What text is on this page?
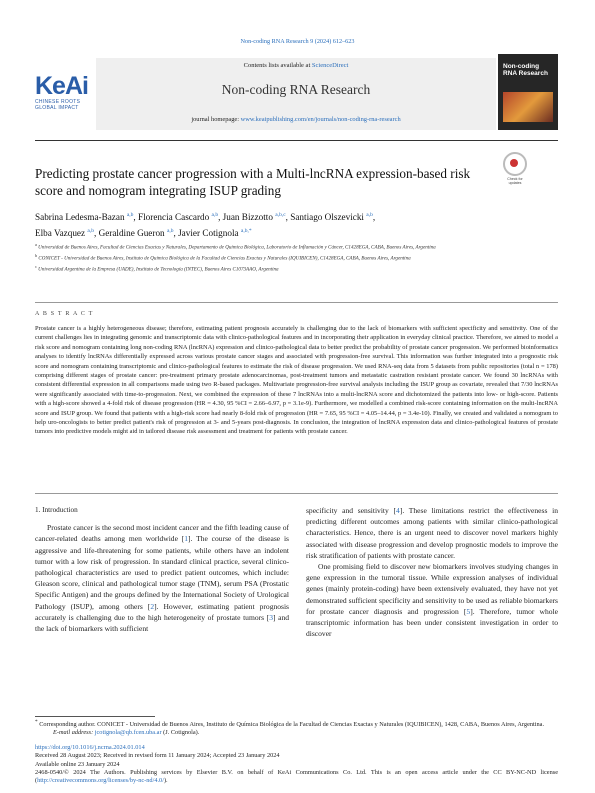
Non-coding RNA Research 9 (2024) 612–623
Contents lists available at ScienceDirect
Non-coding RNA Research
journal homepage: www.keaipublishing.com/en/journals/non-coding-rna-research
KeAi
CHINESE ROOTS
GLOBAL IMPACT
Non-coding
RNA Research
Predicting prostate cancer progression with a Multi-lncRNA expression-based risk score and nomogram integrating ISUP grading
Check for
updates
Sabrina Ledesma-Bazan $^{a,b}$, Florencia Cascardo $^{a,b}$, Juan Bizzotto $^{a,b,c}$, Santiago Olszevicki $^{a,b}$,
Elba Vazquez $^{a,b}$, Geraldine Gueron $^{a,b}$, Javier Cotignola $^{a,b,*}$
$^a$ Universidad de Buenos Aires, Facultad de Ciencias Exactas y Naturales, Departamento de Química Biológica, Laboratorio de Inflamación y Cáncer, C1428EGA, CABA, Buenos Aires, Argentina
$^b$ CONICET - Universidad de Buenos Aires, Instituto de Química Biológica de la Facultad de Ciencias Exactas y Naturales (IQUIBICEN), C1428EGA, CABA, Buenos Aires, Argentina
$^c$ Universidad Argentina de la Empresa (UADE), Instituto de Tecnología (INTEC), Buenos Aires C1073AAO, Argentina
A B S T R A C T
Prostate cancer is a highly heterogeneous disease; therefore, estimating patient prognosis accurately is challenging due to the lack of biomarkers with sufficient specificity and sensitivity. One of the current challenges lies in integrating genomic and transcriptomic data with clinico-pathological features and in incorporating their application in everyday clinical practice. Therefore, we aimed to model a risk score and nomogram containing long non-coding RNA (lncRNA) expression and clinico-pathological data to better predict the probability of prostate cancer progression. We performed bioinformatics analyses to identify lncRNAs differentially expressed across various prostate cancer stages and associated with progression-free survival. This information was further integrated into a prognostic risk score and nomogram containing transcriptomic and clinico-pathological features to estimate the risk of disease progression. We used RNA-seq data from 5 datasets from public repositories (total n = 178) comprising different stages of prostate cancer: pre-treatment primary prostate adenocarcinomas, post-treatment tumors and metastatic castration resistant prostate cancer. We found 30 lncRNAs with consistent differential expression in all comparisons made using two R-based packages. Multivariate progression-free survival analysis including the ISUP group as covariate, revealed that 7/30 lncRNAs were significantly associated with time-to-progression. Next, we combined the expression of these 7 lncRNAs into a multi-lncRNA score and dichotomized the patients into low- or high-score. Patients with a high-score showed a 4-fold risk of disease progression (HR = 4.30, 95 %CI = 2.66–6.97, p = 3.1e-9). Furthermore, we modelled a combined risk-score containing information on the multi-lncRNA score and ISUP group. We found that patients with a high-risk score had nearly 8-fold risk of progression (HR = 7.65, 95 %CI = 4.05–14.44, p = 3.4e-10). Finally, we created and validated a nomogram to help uro-oncologists to better predict patient's risk of progression at 3- and 5-years post-diagnosis. In conclusion, the integration of lncRNA expression data and clinico-pathological features of prostate tumors into predictive models might aid in tailored disease risk assessment and treatment for patients with prostate cancer.
1. Introduction

Prostate cancer is the second most incident cancer and the fifth leading cause of cancer-related deaths among men worldwide [1]. The course of the disease is aggressive and life-threatening for some patients, while others have an indolent tumor with a low risk of progression. In standard clinical practice, several clinico-pathological characteristics are used to predict patient outcomes, which include: Gleason score, clinical and pathological tumor stage (TNM), serum PSA (Prostatic Specific Antigen) and the groups defined by the International Society of Urological Pathology (ISUP), among others [2]. However, estimating patient prognosis accurately is challenging due to the high heterogeneity of prostate tumors [3] and the lack of biomarkers with sufficient

specificity and sensitivity [4]. These limitations restrict the effectiveness in predicting different outcomes among patients with similar clinico-pathological characteristics. Hence, there is an urgent need to discover novel markers highly associated with disease progression and develop prognostic models to improve the risk stratification of patients with prostate cancer.

One promising field to discover new biomarkers involves studying changes in gene expression in the tumoral tissue. While expression analyses of individual genes (mainly protein-coding) have been extensively evaluated, they have not yet demonstrated sufficient specificity and sensitivity to be used as reliable biomarkers for prostate cancer diagnosis and progression [5]. Therefore, tumor whole transcriptomic information has been under consistent investigation in order to discover

* Corresponding author. CONICET - Universidad de Buenos Aires, Instituto de Química Biológica de la Facultad de Ciencias Exactas y Naturales (IQUIBICEN), 1428, CABA, Buenos Aires, Argentina.
E-mail address: jcotignola@qb.fcen.uba.ar (J. Cotignola).
https://doi.org/10.1016/j.ncrna.2024.01.014
Received 28 August 2023; Received in revised form 11 January 2024; Accepted 23 January 2024
Available online 23 January 2024
2468-0540/© 2024 The Authors. Publishing services by Elsevier B.V. on behalf of KeAi Communications Co. Ltd. This is an open access article under the CC BY-NC-ND license (http://creativecommons.org/licenses/by-nc-nd/4.0/).
